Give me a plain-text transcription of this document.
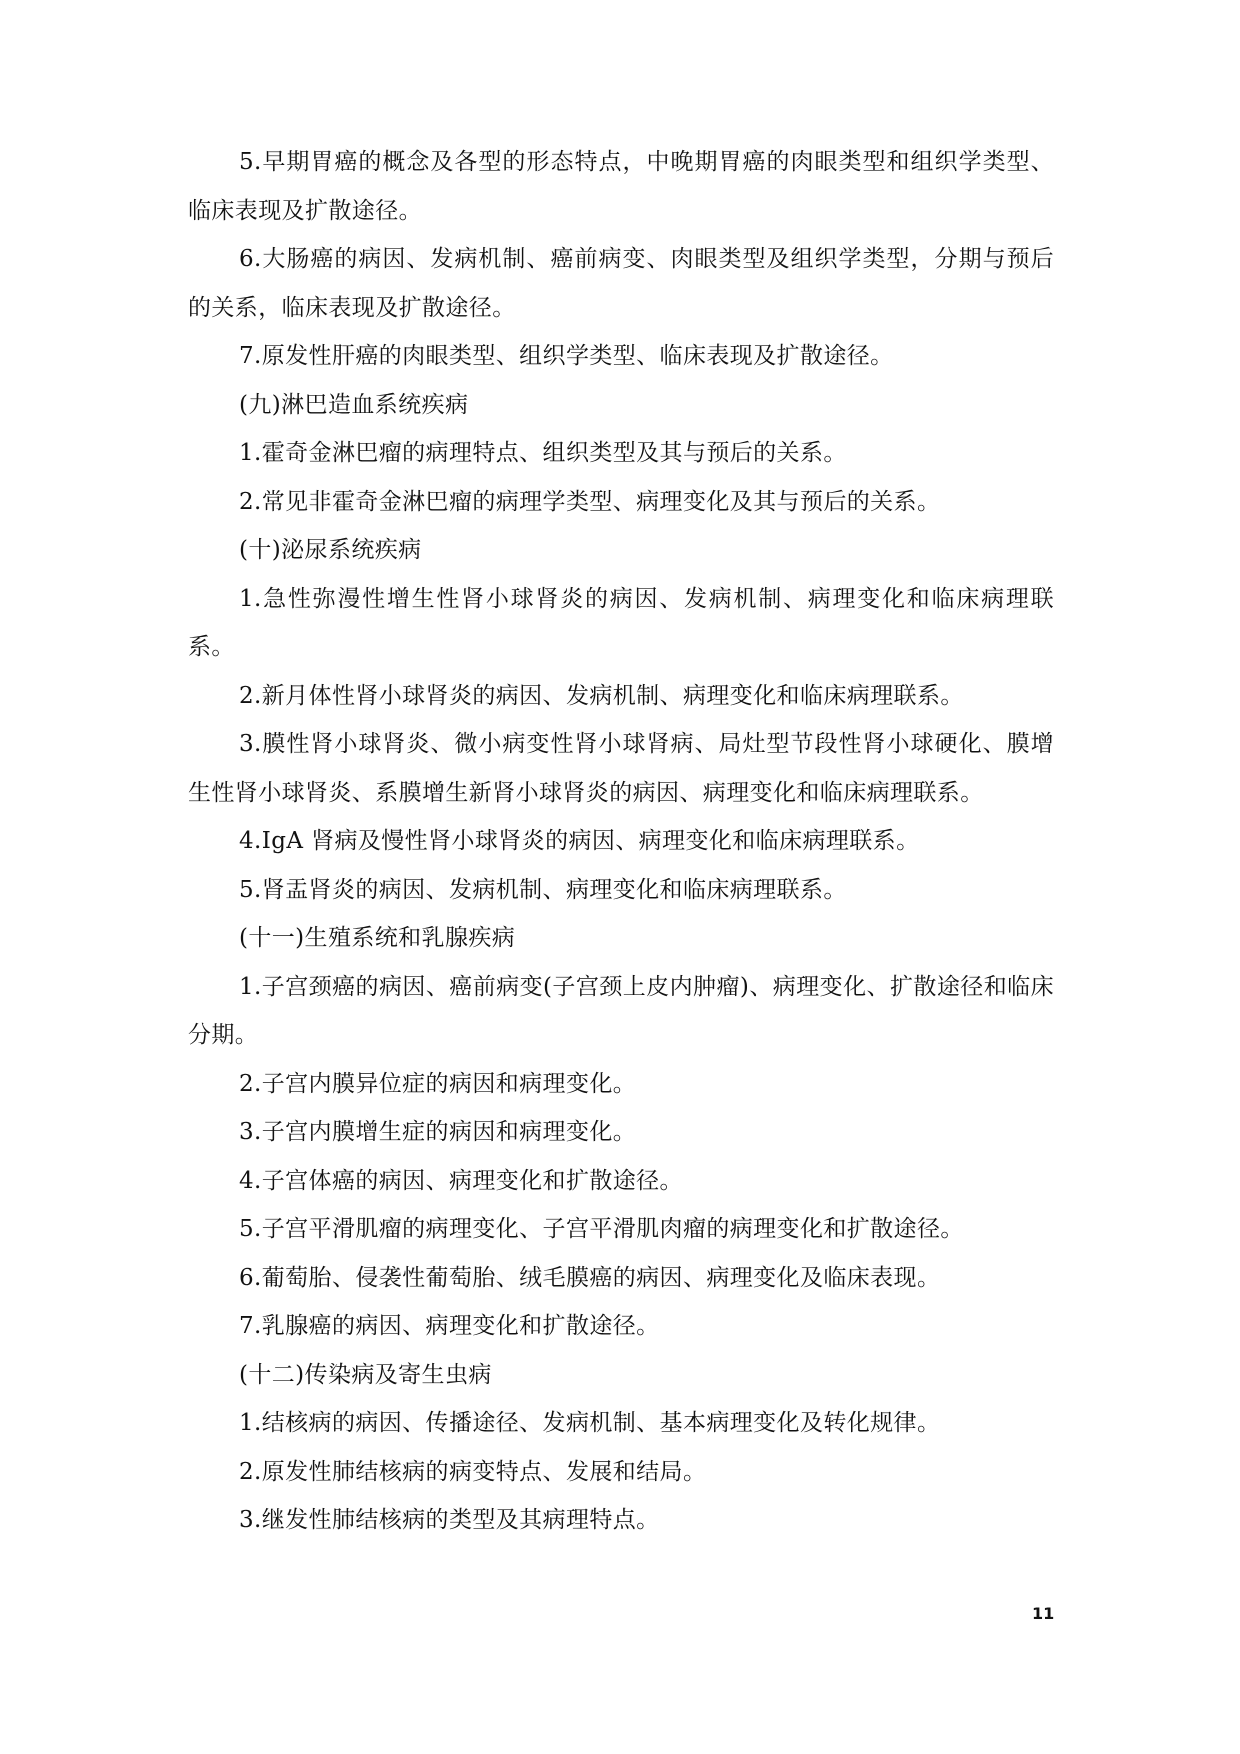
5.早期胃癌的概念及各型的形态特点，中晚期胃癌的肉眼类型和组织学类型、临床表现及扩散途径。

6.大肠癌的病因、发病机制、癌前病变、肉眼类型及组织学类型，分期与预后的关系，临床表现及扩散途径。

7.原发性肝癌的肉眼类型、组织学类型、临床表现及扩散途径。

(九)淋巴造血系统疾病

1.霍奇金淋巴瘤的病理特点、组织类型及其与预后的关系。

2.常见非霍奇金淋巴瘤的病理学类型、病理变化及其与预后的关系。

(十)泌尿系统疾病

1.急性弥漫性增生性肾小球肾炎的病因、发病机制、病理变化和临床病理联系。

2.新月体性肾小球肾炎的病因、发病机制、病理变化和临床病理联系。

3.膜性肾小球肾炎、微小病变性肾小球肾病、局灶型节段性肾小球硬化、膜增生性肾小球肾炎、系膜增生新肾小球肾炎的病因、病理变化和临床病理联系。

4.IgA 肾病及慢性肾小球肾炎的病因、病理变化和临床病理联系。

5.肾盂肾炎的病因、发病机制、病理变化和临床病理联系。

(十一)生殖系统和乳腺疾病

1.子宫颈癌的病因、癌前病变(子宫颈上皮内肿瘤)、病理变化、扩散途径和临床分期。

2.子宫内膜异位症的病因和病理变化。

3.子宫内膜增生症的病因和病理变化。

4.子宫体癌的病因、病理变化和扩散途径。

5.子宫平滑肌瘤的病理变化、子宫平滑肌肉瘤的病理变化和扩散途径。

6.葡萄胎、侵袭性葡萄胎、绒毛膜癌的病因、病理变化及临床表现。

7.乳腺癌的病因、病理变化和扩散途径。

(十二)传染病及寄生虫病

1.结核病的病因、传播途径、发病机制、基本病理变化及转化规律。

2.原发性肺结核病的病变特点、发展和结局。

3.继发性肺结核病的类型及其病理特点。

11
